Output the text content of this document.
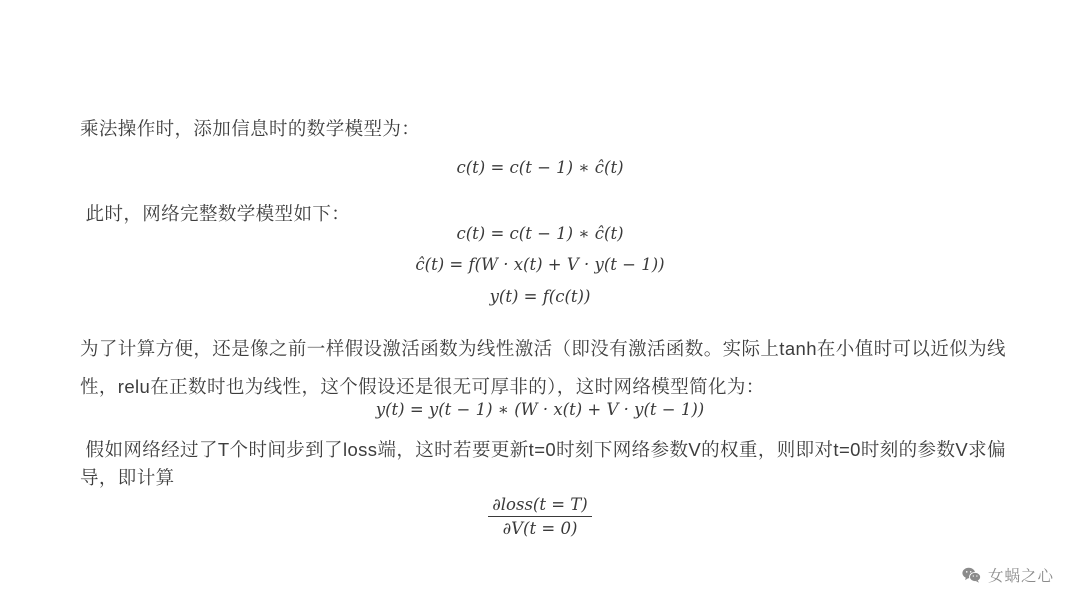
乘法操作时，添加信息时的数学模型为：
c(t) = c(t − 1) ∗ ĉ(t)
此时，网络完整数学模型如下：
c(t) = c(t − 1) ∗ ĉ(t)
ĉ(t) = f(W · x(t) + V · y(t − 1))
y(t) = f(c(t))
为了计算方便，还是像之前一样假设激活函数为线性激活（即没有激活函数。实际上tanh在小值时可以近似为线性，relu在正数时也为线性，这个假设还是很无可厚非的），这时网络模型简化为：
y(t) = y(t − 1) ∗ (W · x(t) + V · y(t − 1))
假如网络经过了T个时间步到了loss端，这时若要更新t=0时刻下网络参数V的权重，则即对t=0时刻的参数V求偏导，即计算
$\frac{\text{∂loss(t = T)}}{\partial V(t = 0)}$
女蜗之心
